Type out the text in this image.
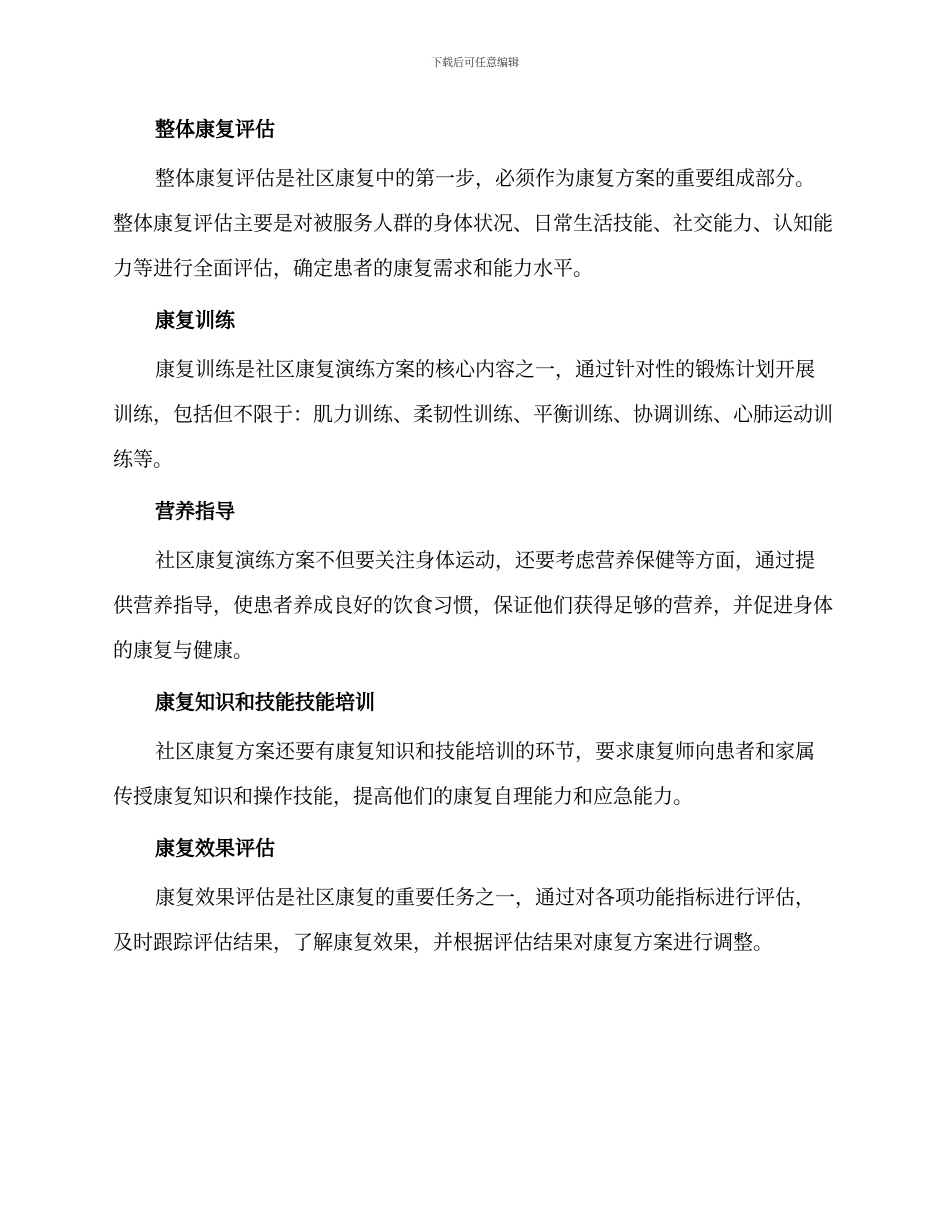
下载后可任意编辑
整体康复评估

整体康复评估是社区康复中的第一步，必须作为康复方案的重要组成部分。整体康复评估主要是对被服务人群的身体状况、日常生活技能、社交能力、认知能力等进行全面评估，确定患者的康复需求和能力水平。

康复训练

康复训练是社区康复演练方案的核心内容之一，通过针对性的锻炼计划开展训练，包括但不限于：肌力训练、柔韧性训练、平衡训练、协调训练、心肺运动训练等。

营养指导

社区康复演练方案不但要关注身体运动，还要考虑营养保健等方面，通过提供营养指导，使患者养成良好的饮食习惯，保证他们获得足够的营养，并促进身体的康复与健康。

康复知识和技能技能培训

社区康复方案还要有康复知识和技能培训的环节，要求康复师向患者和家属传授康复知识和操作技能，提高他们的康复自理能力和应急能力。

康复效果评估

康复效果评估是社区康复的重要任务之一，通过对各项功能指标进行评估，及时跟踪评估结果，了解康复效果，并根据评估结果对康复方案进行调整。
